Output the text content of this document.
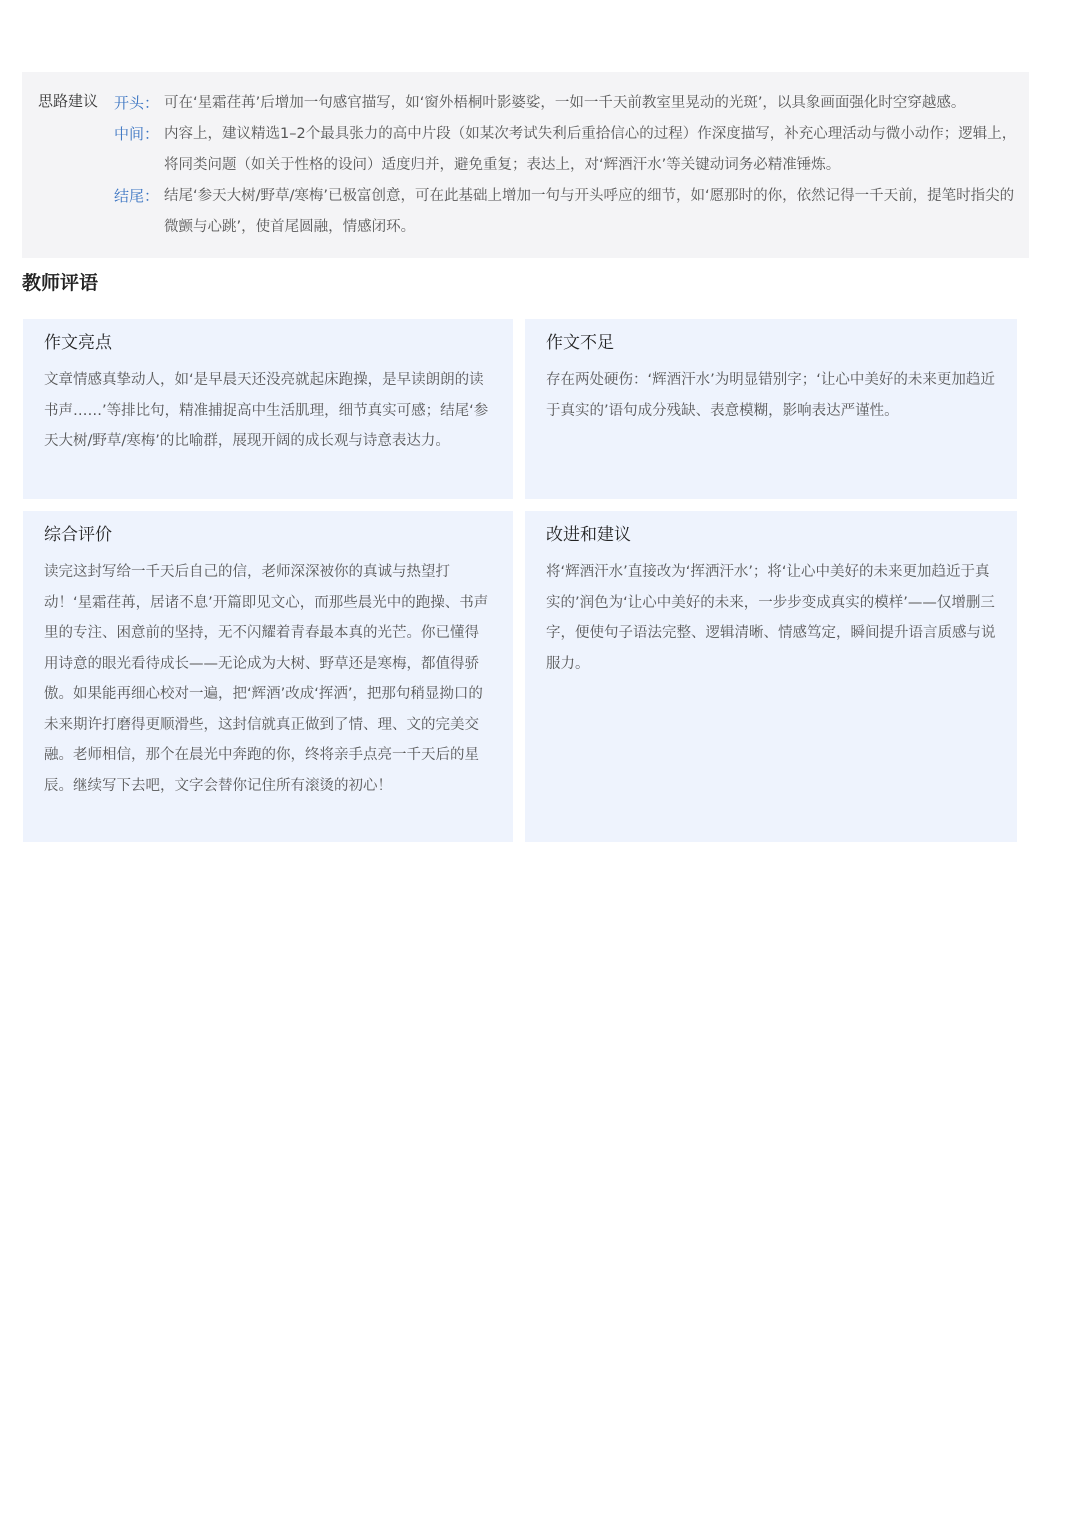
思路建议 开头： 可在‘星霜荏苒’后增加一句感官描写，如‘窗外梧桐叶影婆娑，一如一千天前教室里晃动的光斑’，以具象画面强化时空穿越感。
中间： 内容上，建议精选1–2个最具张力的高中片段（如某次考试失利后重拾信心的过程）作深度描写，补充心理活动与微小动作；逻辑上，将同类问题（如关于性格的设问）适度归并，避免重复；表达上，对‘辉酒汗水’等关键动词务必精准锤炼。
结尾： 结尾‘参天大树/野草/寒梅’已极富创意，可在此基础上增加一句与开头呼应的细节，如‘愿那时的你，依然记得一千天前，提笔时指尖的微颤与心跳’，使首尾圆融，情感闭环。
教师评语
作文亮点
文章情感真挚动人，如‘是早晨天还没亮就起床跑操，是早读朗朗的读书声……’等排比句，精准捕捉高中生活肌理，细节真实可感；结尾‘参天大树/野草/寒梅’的比喻群，展现开阔的成长观与诗意表达力。
作文不足
存在两处硬伤：‘辉酒汗水’为明显错别字；‘让心中美好的未来更加趋近于真实的’语句成分残缺、表意模糊，影响表达严谨性。
综合评价
读完这封写给一千天后自己的信，老师深深被你的真诚与热望打动！‘星霜荏苒，居诸不息’开篇即见文心，而那些晨光中的跑操、书声里的专注、困意前的坚持，无不闪耀着青春最本真的光芒。你已懂得用诗意的眼光看待成长——无论成为大树、野草还是寒梅，都值得骄傲。如果能再细心校对一遍，把‘辉酒’改成‘挥洒’，把那句稍显拗口的未来期许打磨得更顺滑些，这封信就真正做到了情、理、文的完美交融。老师相信，那个在晨光中奔跑的你，终将亲手点亮一千天后的星辰。继续写下去吧，文字会替你记住所有滚烫的初心！
改进和建议
将‘辉酒汗水’直接改为‘挥洒汗水’；将‘让心中美好的未来更加趋近于真实的’润色为‘让心中美好的未来，一步步变成真实的模样’——仅增删三字，便使句子语法完整、逻辑清晰、情感笃定，瞬间提升语言质感与说服力。
